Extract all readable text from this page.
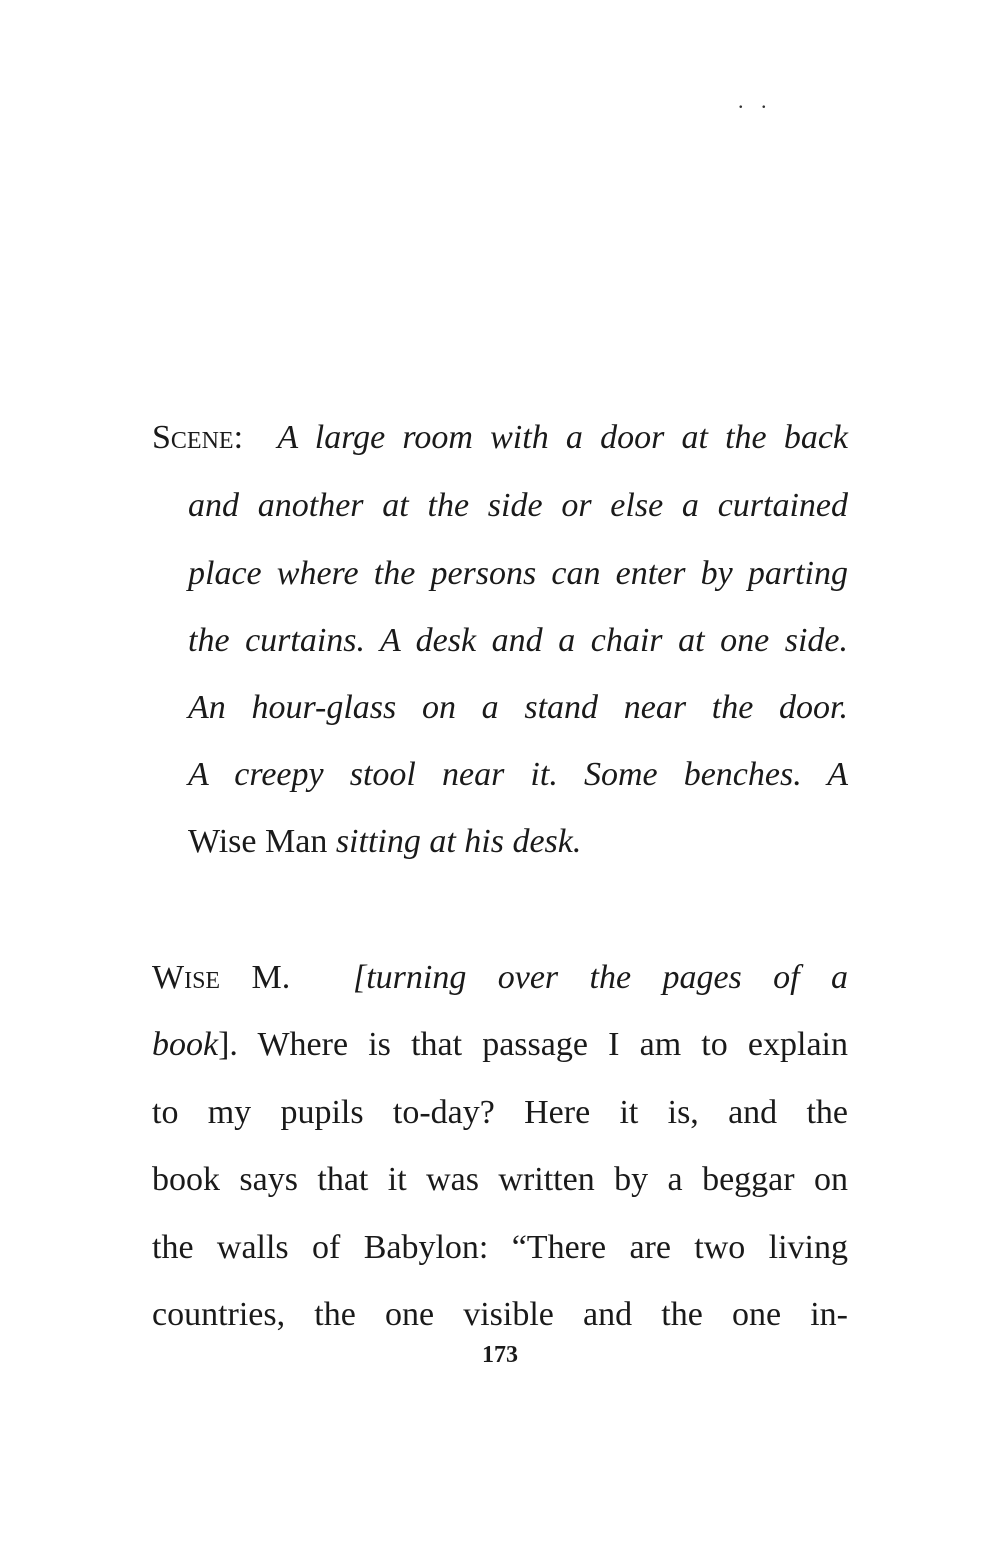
. .
Scene: A large room with a door at the back
and another at the side or else a curtained
place where the persons can enter by parting
the curtains. A desk and a chair at one side.
An hour-glass on a stand near the door.
A creepy stool near it. Some benches. A
Wise Man sitting at his desk.
Wise M. [turning over the pages of a
book]. Where is that passage I am to explain
to my pupils to-day? Here it is, and the
book says that it was written by a beggar on
the walls of Babylon: “There are two living
countries, the one visible and the one in-
173
